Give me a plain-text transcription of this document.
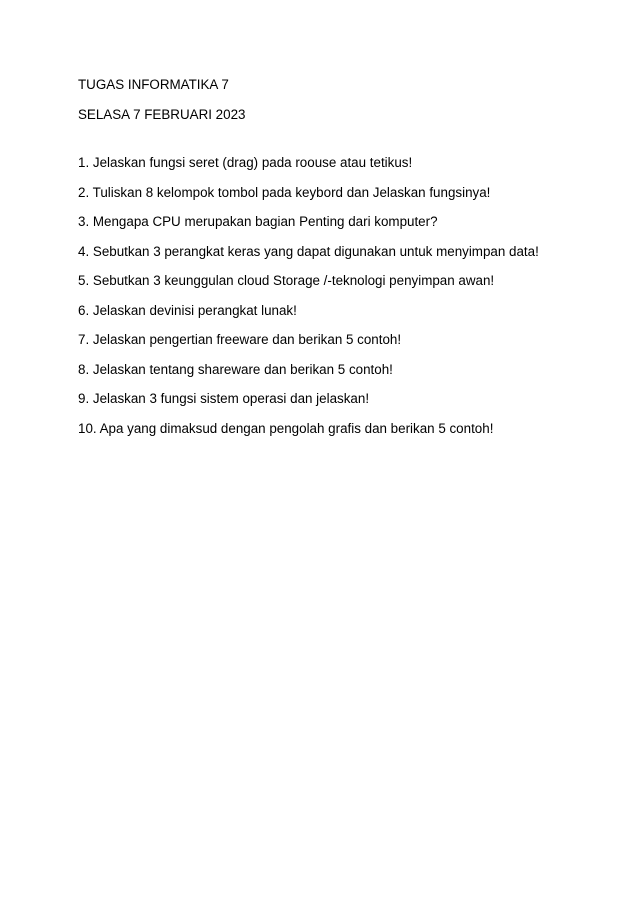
TUGAS INFORMATIKA 7
SELASA 7 FEBRUARI 2023
1. Jelaskan fungsi seret (drag) pada roouse atau tetikus!
2. Tuliskan 8 kelompok tombol pada keybord dan Jelaskan fungsinya!
3. Mengapa CPU merupakan bagian Penting dari komputer?
4. Sebutkan 3 perangkat keras yang dapat digunakan untuk menyimpan data!
5. Sebutkan 3 keunggulan cloud Storage /-teknologi penyimpan awan!
6. Jelaskan devinisi perangkat lunak!
7. Jelaskan pengertian freeware dan berikan 5 contoh!
8. Jelaskan tentang shareware dan berikan 5 contoh!
9. Jelaskan 3 fungsi sistem operasi dan jelaskan!
10. Apa yang dimaksud dengan pengolah grafis dan berikan 5 contoh!
